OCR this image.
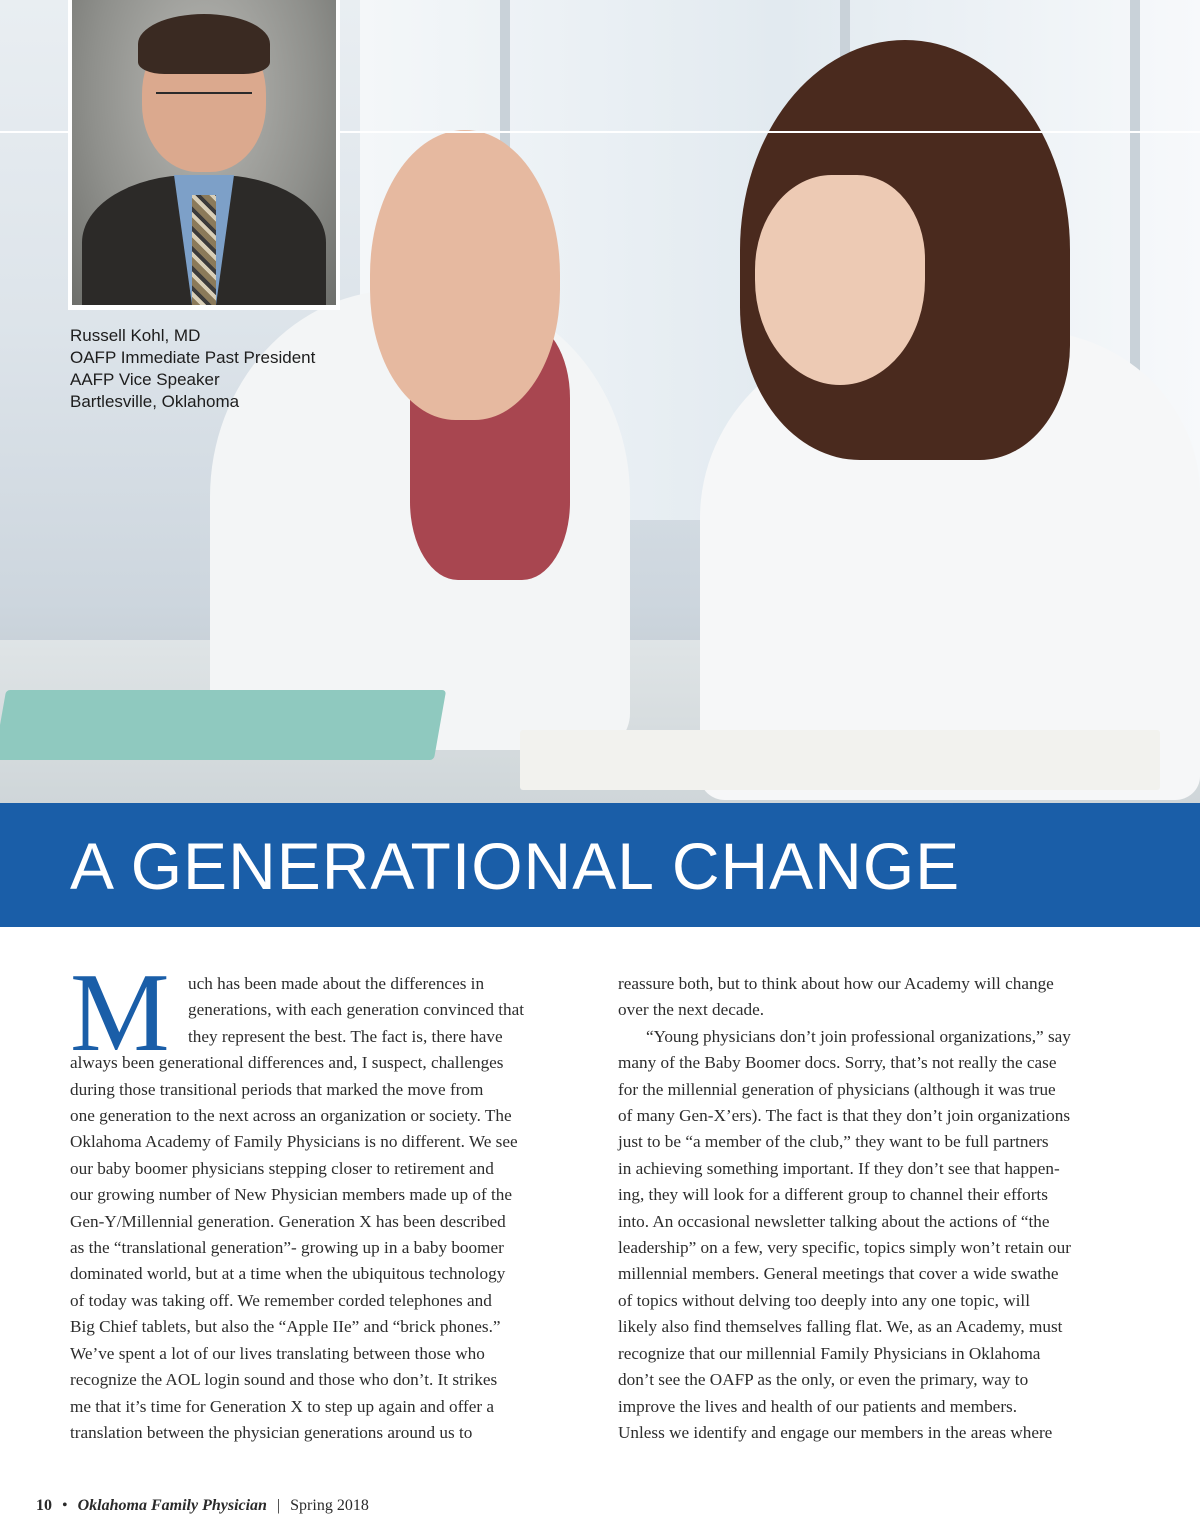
Russell Kohl, MD
OAFP Immediate Past President
AAFP Vice Speaker
Bartlesville, Oklahoma
A GENERATIONAL CHANGE
M	uch has been made about the differences in
generations, with each generation convinced that
they represent the best. The fact is, there have
always been generational differences and, I suspect, challenges
during those transitional periods that marked the move from
one generation to the next across an organization or society. The
Oklahoma Academy of Family Physicians is no different. We see
our baby boomer physicians stepping closer to retirement and
our growing number of New Physician members made up of the
Gen-Y/Millennial generation. Generation X has been described
as the “translational generation”- growing up in a baby boomer
dominated world, but at a time when the ubiquitous technology
of today was taking off. We remember corded telephones and
Big Chief tablets, but also the “Apple IIe” and “brick phones.”
We’ve spent a lot of our lives translating between those who
recognize the AOL login sound and those who don’t. It strikes
me that it’s time for Generation X to step up again and offer a
translation between the physician generations around us to
reassure both, but to think about how our Academy will change
over the next decade.
“Young physicians don’t join professional organizations,” say
many of the Baby Boomer docs. Sorry, that’s not really the case
for the millennial generation of physicians (although it was true
of many Gen-X’ers). The fact is that they don’t join organizations
just to be “a member of the club,” they want to be full partners
in achieving something important. If they don’t see that happen-
ing, they will look for a different group to channel their efforts
into. An occasional newsletter talking about the actions of “the
leadership” on a few, very specific, topics simply won’t retain our
millennial members. General meetings that cover a wide swathe
of topics without delving too deeply into any one topic, will
likely also find themselves falling flat. We, as an Academy, must
recognize that our millennial Family Physicians in Oklahoma
don’t see the OAFP as the only, or even the primary, way to
improve the lives and health of our patients and members.
Unless we identify and engage our members in the areas where
10 • Oklahoma Family Physician | Spring 2018
